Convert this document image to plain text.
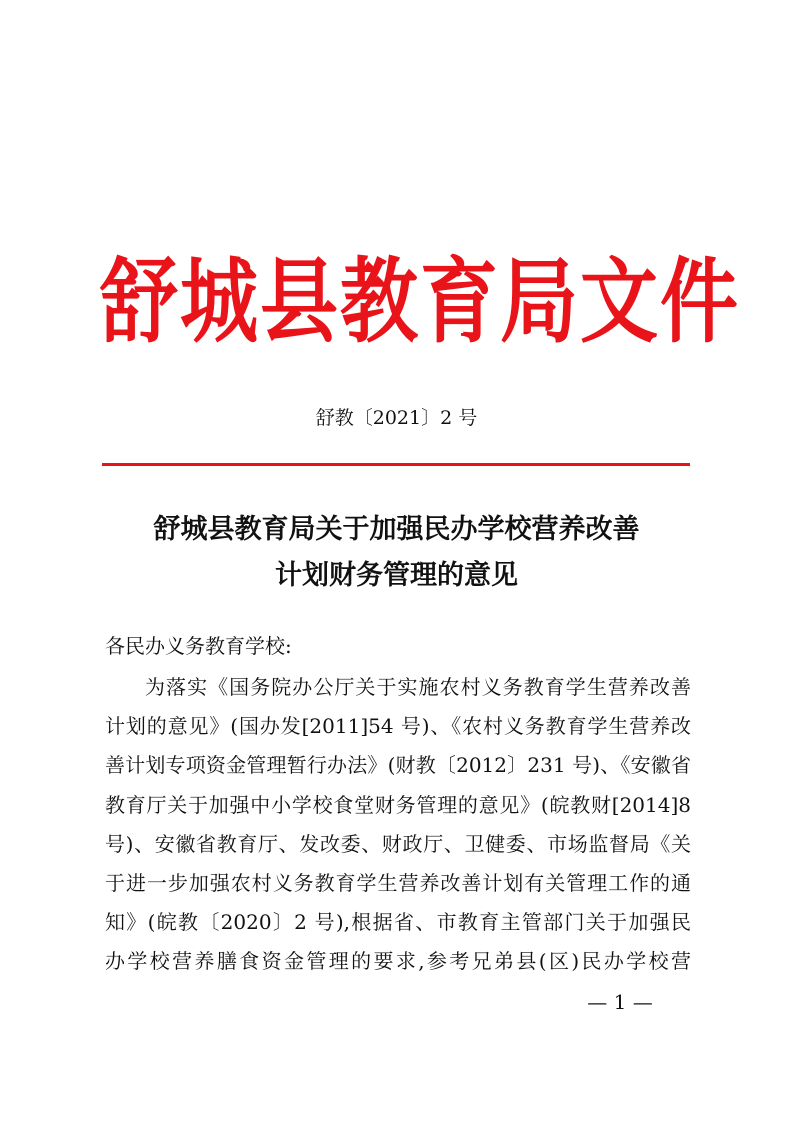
舒城县教育局文件
舒教〔2021〕2 号
舒城县教育局关于加强民办学校营养改善
计划财务管理的意见
各民办义务教育学校:
为落实《国务院办公厅关于实施农村义务教育学生营养改善
计划的意见》(国办发[2011]54 号)、《农村义务教育学生营养改
善计划专项资金管理暂行办法》(财教〔2012〕231 号)、《安徽省
教育厅关于加强中小学校食堂财务管理的意见》(皖教财[2014]8
号)、安徽省教育厅、发改委、财政厅、卫健委、市场监督局《关
于进一步加强农村义务教育学生营养改善计划有关管理工作的通
知》(皖教〔2020〕2 号),根据省、市教育主管部门关于加强民
办学校营养膳食资金管理的要求,参考兄弟县(区)民办学校营
— 1 —
